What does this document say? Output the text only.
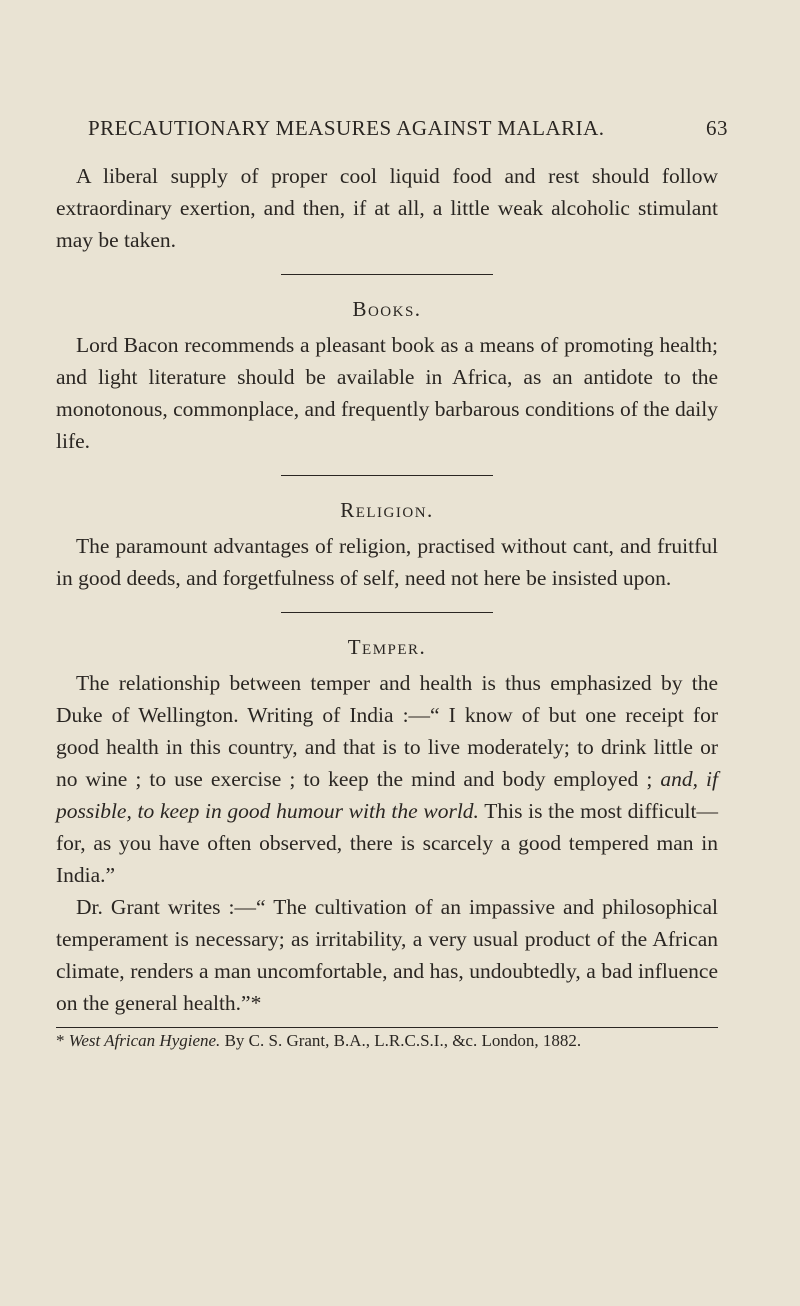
PRECAUTIONARY MEASURES AGAINST MALARIA.	63

A liberal supply of proper cool liquid food and rest should follow extraordinary exertion, and then, if at all, a little weak alcoholic stimulant may be taken.

Books.

Lord Bacon recommends a pleasant book as a means of promoting health; and light literature should be available in Africa, as an antidote to the monotonous, commonplace, and frequently barbarous conditions of the daily life.

Religion.

The paramount advantages of religion, practised without cant, and fruitful in good deeds, and forgetfulness of self, need not here be insisted upon.

Temper.

The relationship between temper and health is thus emphasized by the Duke of Wellington. Writing of India :—“ I know of but one receipt for good health in this country, and that is to live moderately; to drink little or no wine ; to use exercise ; to keep the mind and body employed ; and, if possible, to keep in good humour with the world. This is the most difficult—for, as you have often observed, there is scarcely a good tempered man in India.”

Dr. Grant writes :—“ The cultivation of an impassive and philosophical temperament is necessary; as irritability, a very usual product of the African climate, renders a man uncomfortable, and has, undoubtedly, a bad influence on the general health.”*

* West African Hygiene. By C. S. Grant, B.A., L.R.C.S.I., &c. London, 1882.
